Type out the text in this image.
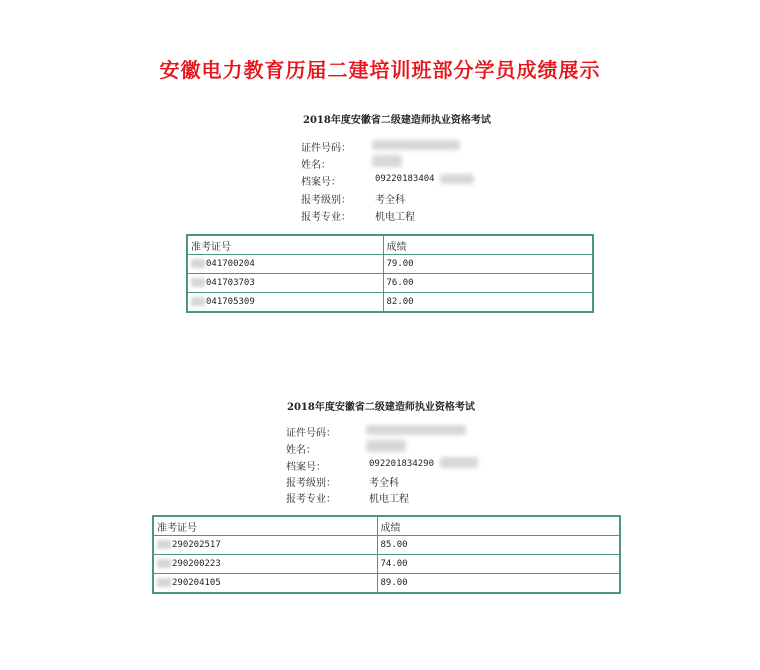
安徽电力教育历届二建培训班部分学员成绩展示
2018年度安徽省二级建造师执业资格考试
证件号码：
姓名：
档案号：	09220183404
报考级别： 考全科
报考专业： 机电工程
准考证号	成绩
041700204	79.00
041703703	76.00
041705309	82.00
2018年度安徽省二级建造师执业资格考试
证件号码：
姓名：
档案号：	092201834290
报考级别：	考全科
报考专业：	机电工程
准考证号	成绩
290202517	85.00
290200223	74.00
290204105	89.00
